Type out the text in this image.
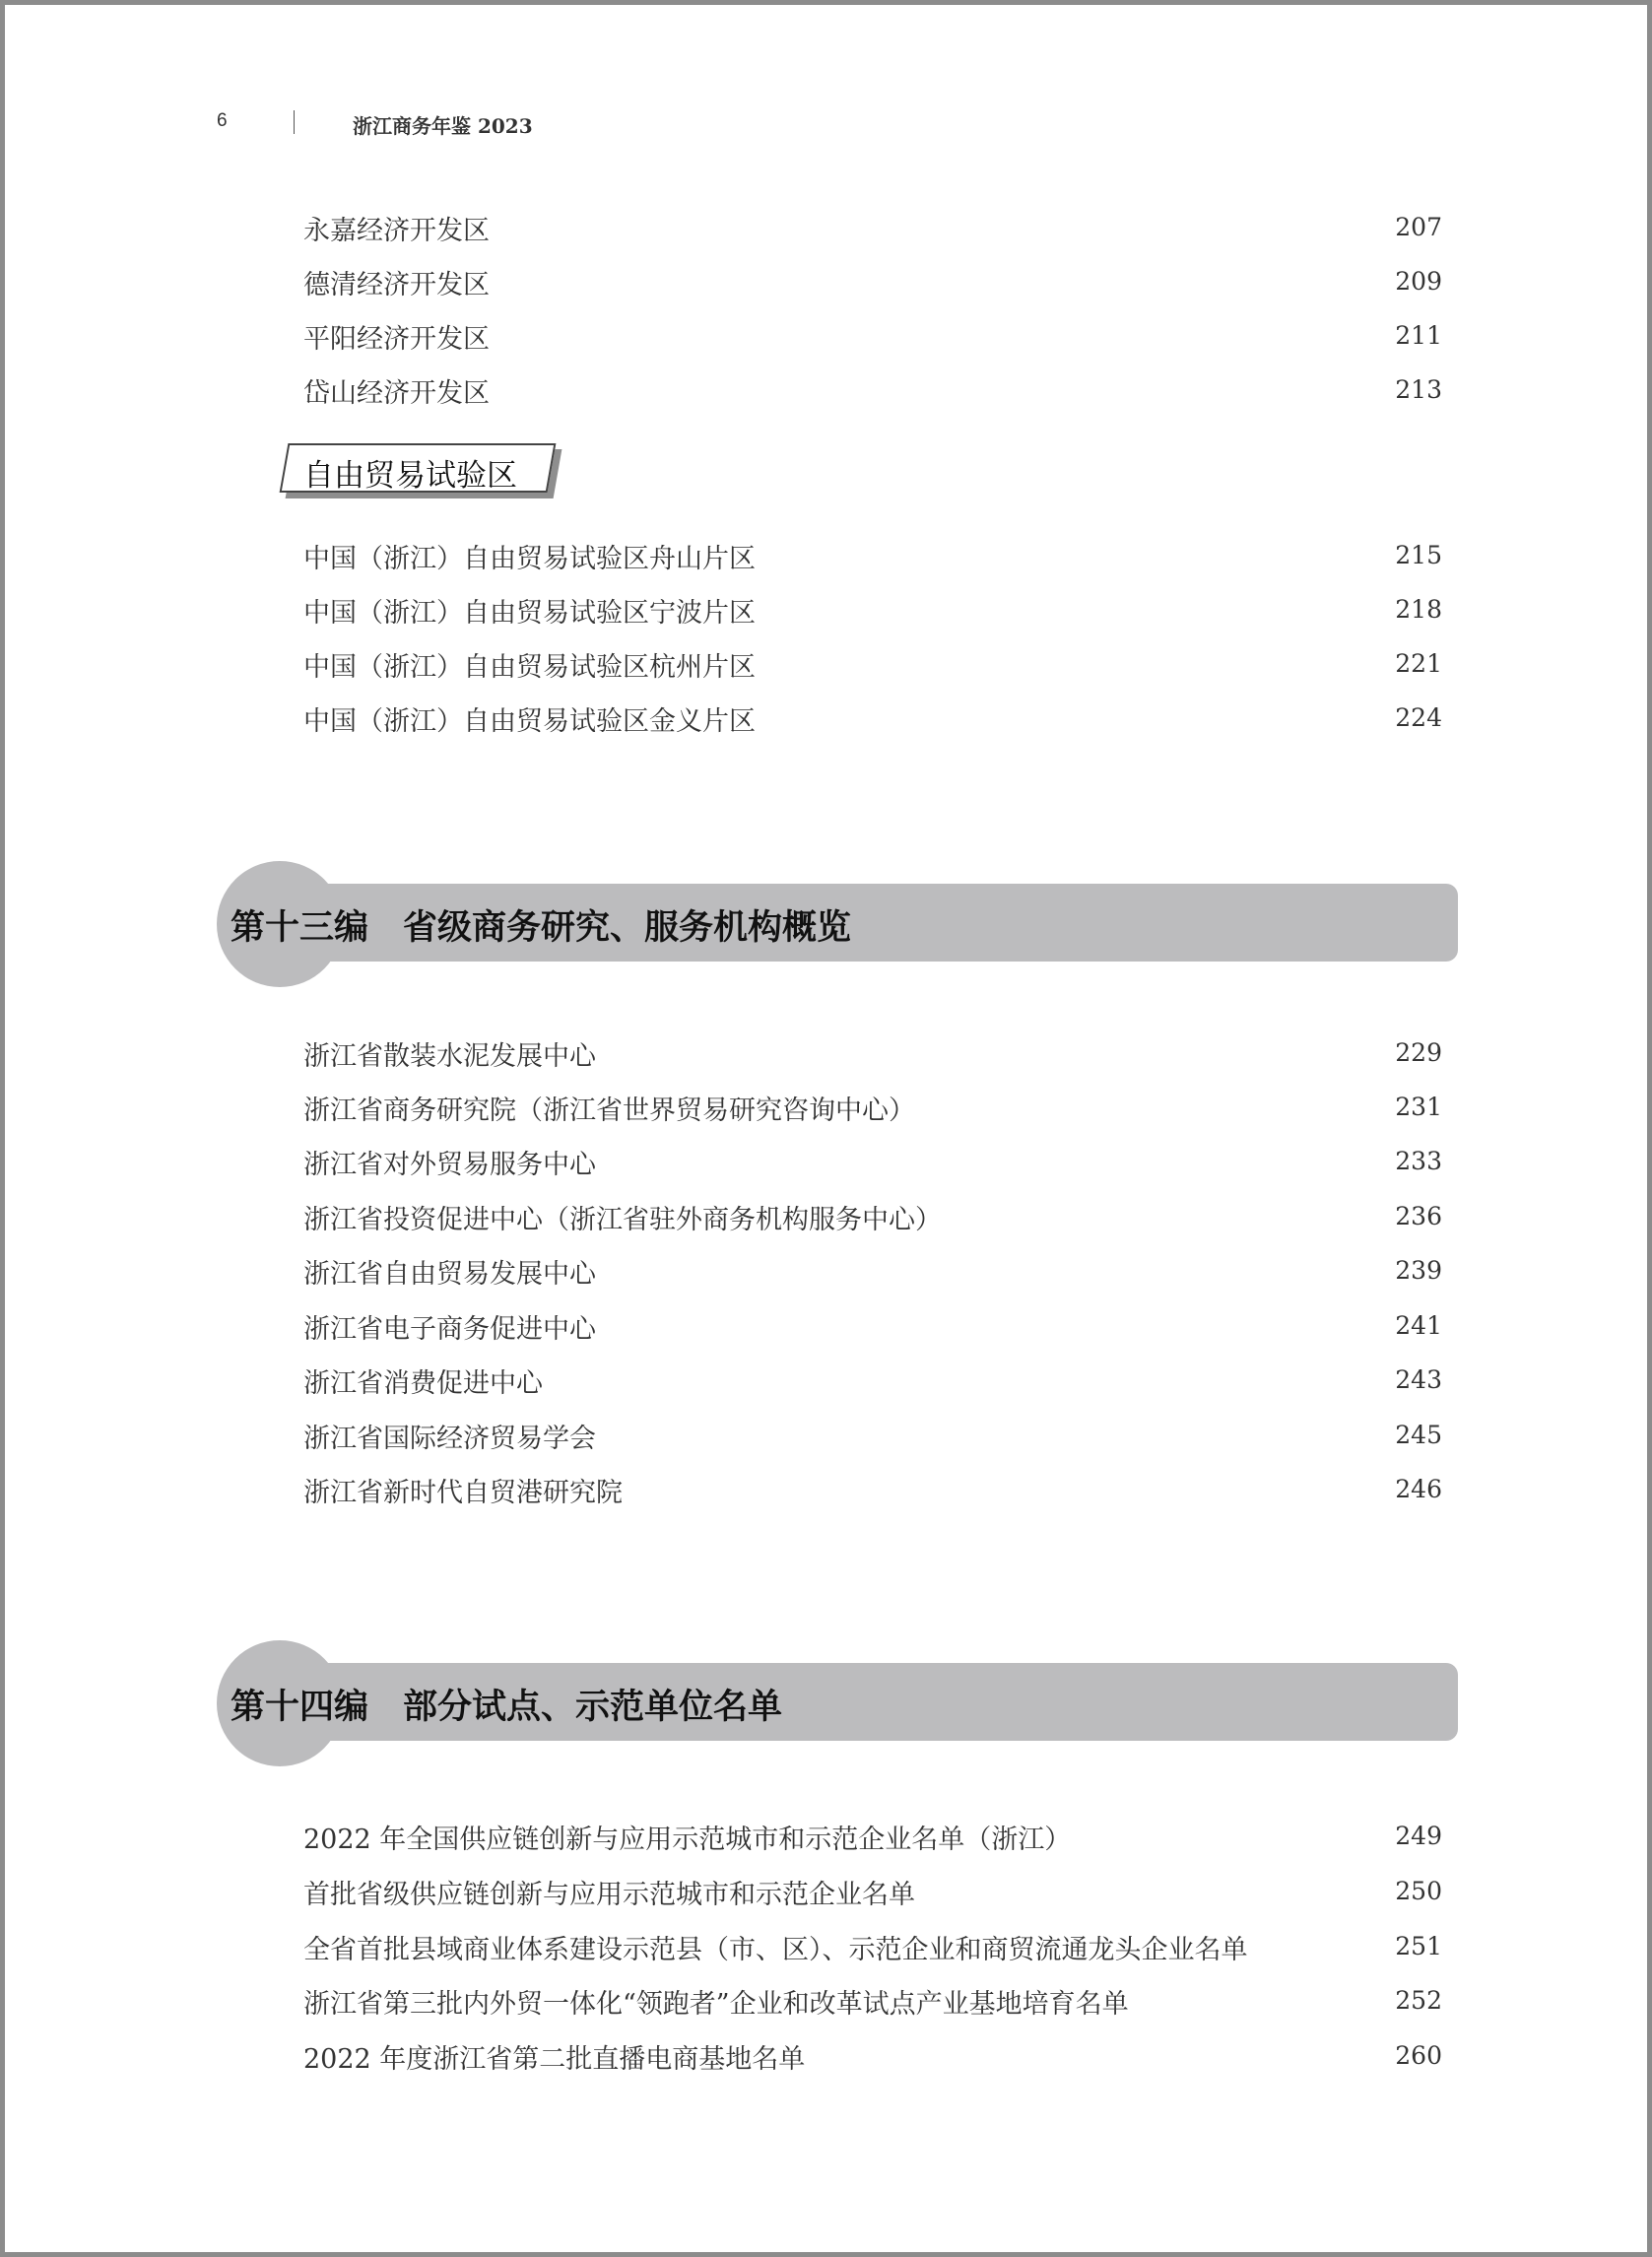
6	浙江商务年鉴 2023
永嘉经济开发区	207
德清经济开发区	209
平阳经济开发区	211
岱山经济开发区	213
自由贸易试验区
中国（浙江）自由贸易试验区舟山片区	215
中国（浙江）自由贸易试验区宁波片区	218
中国（浙江）自由贸易试验区杭州片区	221
中国（浙江）自由贸易试验区金义片区	224
第十三编　省级商务研究、服务机构概览
浙江省散装水泥发展中心	229
浙江省商务研究院（浙江省世界贸易研究咨询中心）	231
浙江省对外贸易服务中心	233
浙江省投资促进中心（浙江省驻外商务机构服务中心）	236
浙江省自由贸易发展中心	239
浙江省电子商务促进中心	241
浙江省消费促进中心	243
浙江省国际经济贸易学会	245
浙江省新时代自贸港研究院	246
第十四编　部分试点、示范单位名单
2022 年全国供应链创新与应用示范城市和示范企业名单（浙江）	249
首批省级供应链创新与应用示范城市和示范企业名单	250
全省首批县域商业体系建设示范县（市、区）、示范企业和商贸流通龙头企业名单	251
浙江省第三批内外贸一体化“领跑者”企业和改革试点产业基地培育名单	252
2022 年度浙江省第二批直播电商基地名单	260
